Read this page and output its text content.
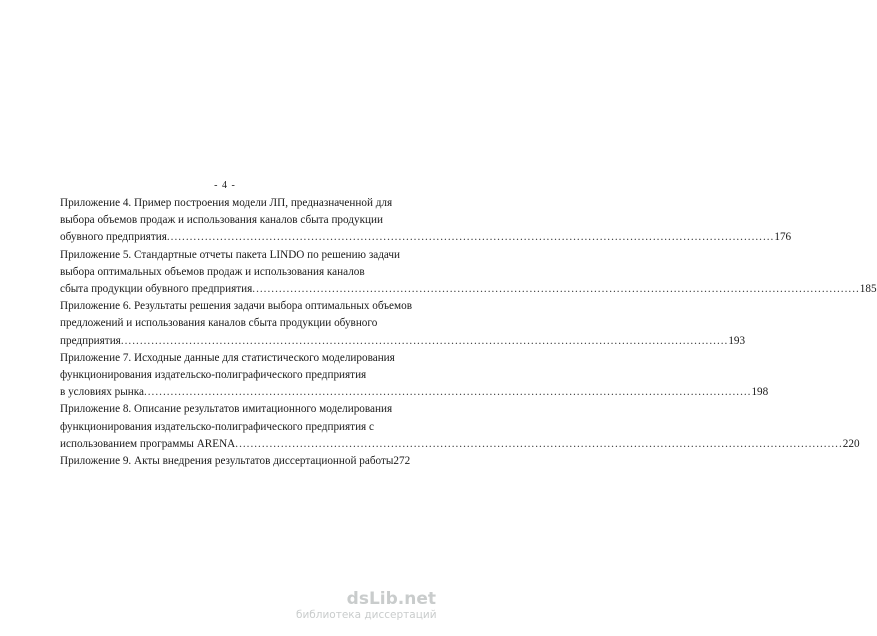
- 4 -
Приложение 4. Пример построения модели ЛП, предназначенной для
выбора объемов продаж и использования каналов сбыта продукции
обувного предприятия .....	176
Приложение 5. Стандартные отчеты пакета LINDO по решению задачи
выбора оптимальных объемов продаж и использования каналов
сбыта продукции обувного предприятия .....	185
Приложение 6. Результаты решения задачи выбора оптимальных объемов
предложений и использования каналов сбыта продукции обувного
предприятия .....	193
Приложение 7. Исходные данные для статистического моделирования
функционирования издательско-полиграфического предприятия
в условиях рынка .....	198
Приложение 8. Описание результатов имитационного моделирования
функционирования издательско-полиграфического предприятия с
использованием программы ARENA .....	220
Приложение 9. Акты внедрения результатов диссертационной работы 272
dsLib.net
библиотека диссертаций
